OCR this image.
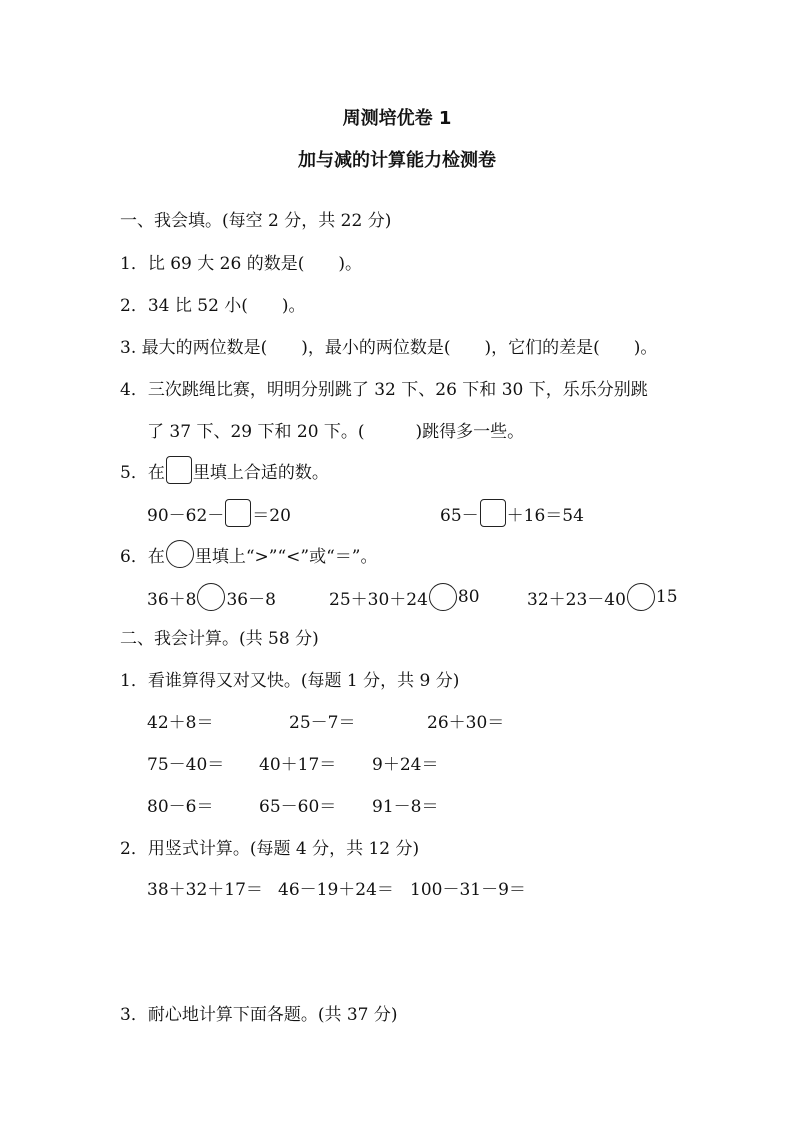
周测培优卷 1
加与减的计算能力检测卷
一、我会填。(每空 2 分，共 22 分)
1．比 69 大 26 的数是(　　)。
2．34 比 52 小(　　)。
3. 最大的两位数是(　　)，最小的两位数是(　　)，它们的差是(　　)。
4．三次跳绳比赛，明明分别跳了 32 下、26 下和 30 下，乐乐分别跳
了 37 下、29 下和 20 下。(　　　)跳得多一些。
5．在 里填上合适的数。
90－62－ ＝20	65－ ＋16＝54
6．在 里填上“>”“<”或“＝”。
36＋8 36－8	25＋30＋24 80	32＋23－40 15
二、我会计算。(共 58 分)
1．看谁算得又对又快。(每题 1 分，共 9 分)
42＋8＝	25－7＝	26＋30＝
75－40＝ 40＋17＝ 9＋24＝
80－6＝	65－60＝ 91－8＝
2．用竖式计算。(每题 4 分，共 12 分)
38＋32＋17＝ 46－19＋24＝ 100－31－9＝
3．耐心地计算下面各题。(共 37 分)
